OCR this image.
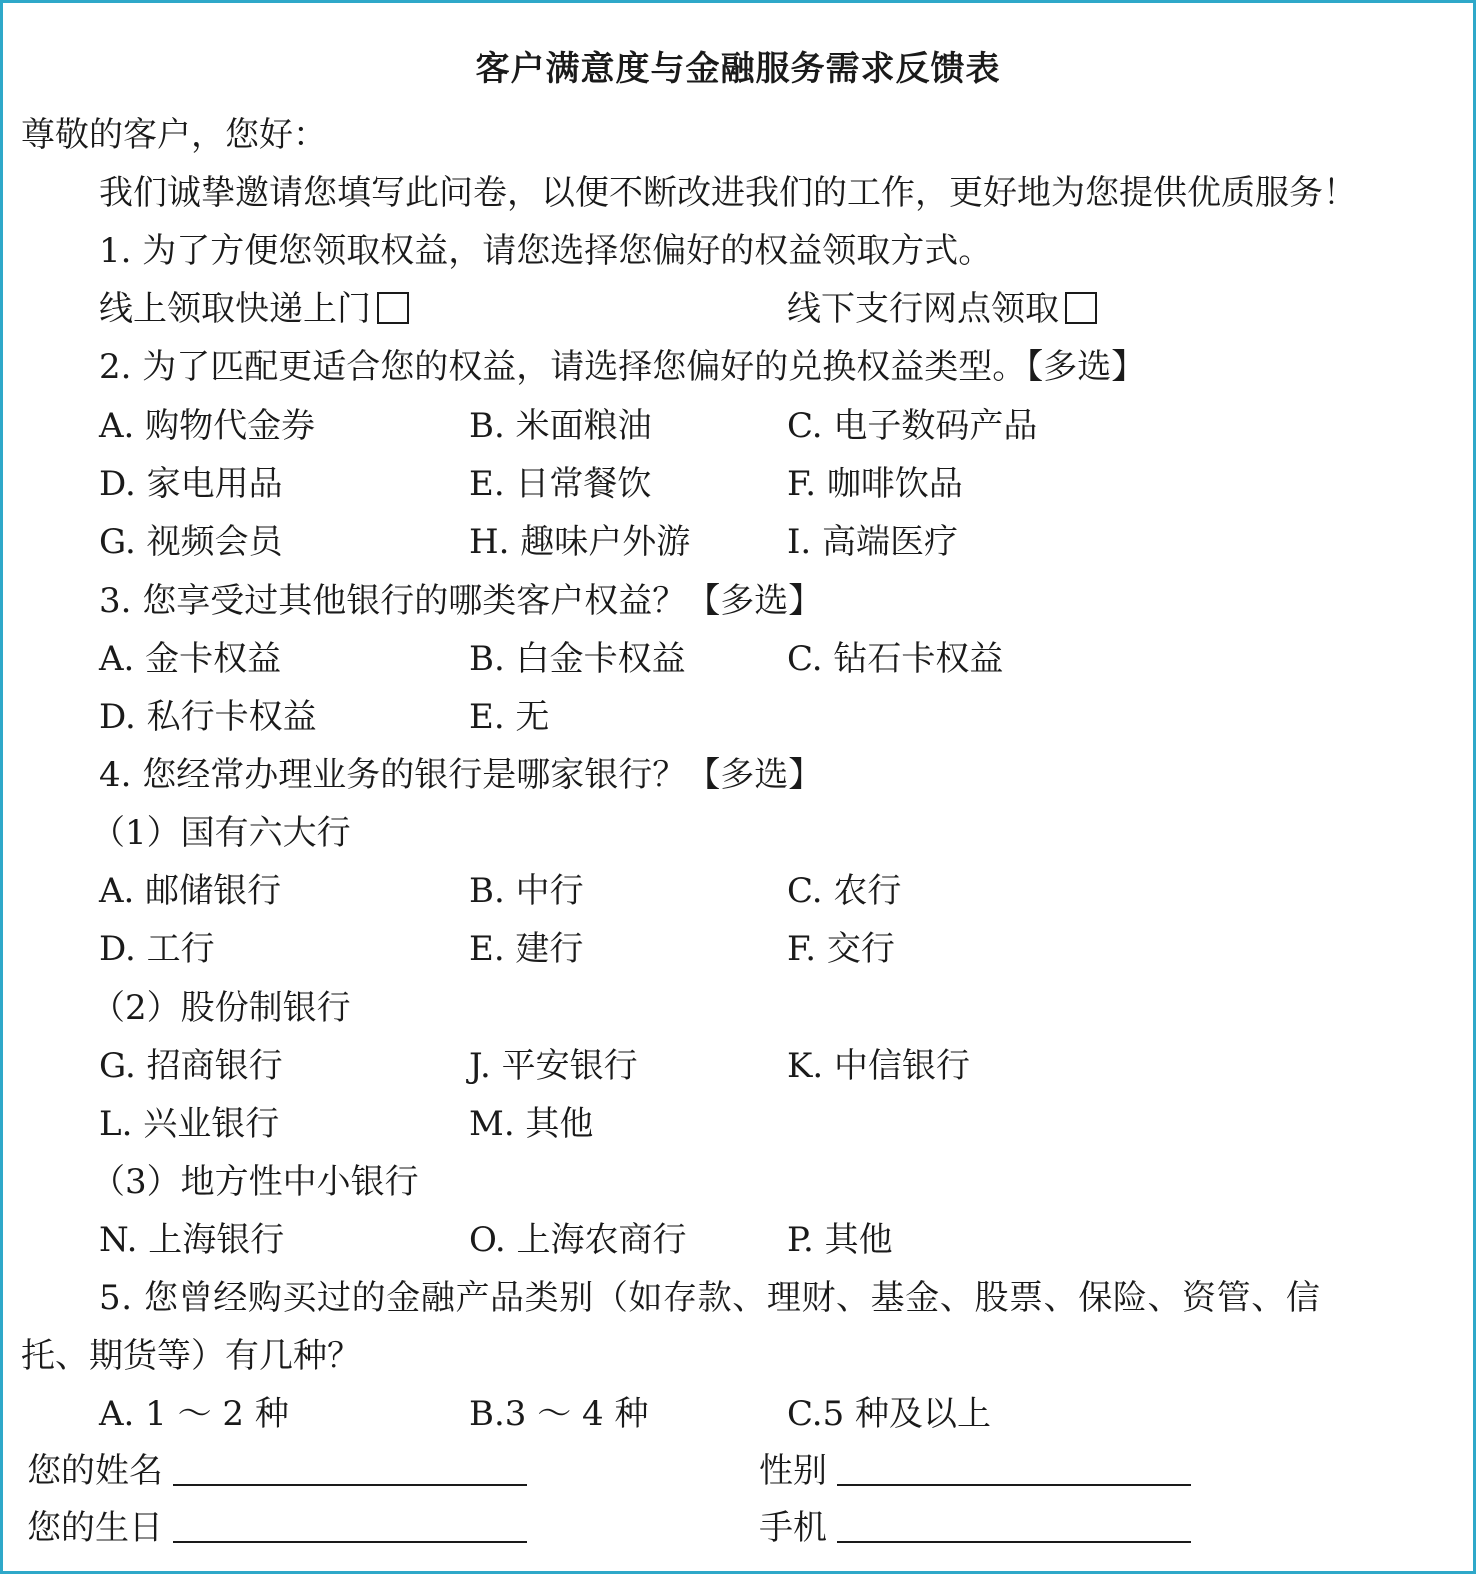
客户满意度与金融服务需求反馈表
尊敬的客户，您好：
我们诚挚邀请您填写此问卷，以便不断改进我们的工作，更好地为您提供优质服务！
1. 为了方便您领取权益，请您选择您偏好的权益领取方式。
线上领取快递上门	线下支行网点领取
2. 为了匹配更适合您的权益，请选择您偏好的兑换权益类型。【多选】
A. 购物代金券	B. 米面粮油	C. 电子数码产品
D. 家电用品	E. 日常餐饮	F. 咖啡饮品
G. 视频会员	H. 趣味户外游	I. 高端医疗
3. 您享受过其他银行的哪类客户权益？【多选】
A. 金卡权益	B. 白金卡权益	C. 钻石卡权益
D. 私行卡权益	E. 无
4. 您经常办理业务的银行是哪家银行？【多选】
（1）国有六大行
A. 邮储银行	B. 中行	C. 农行
D. 工行	E. 建行	F. 交行
（2）股份制银行
G. 招商银行	J. 平安银行	K. 中信银行
L. 兴业银行	M. 其他
（3）地方性中小银行
N. 上海银行	O. 上海农商行	P. 其他
5. 您曾经购买过的金融产品类别（如存款、理财、基金、股票、保险、资管、信
托、期货等）有几种？
A. 1 ～ 2 种	B.3 ～ 4 种	C.5 种及以上
您的姓名	性别
您的生日	手机
